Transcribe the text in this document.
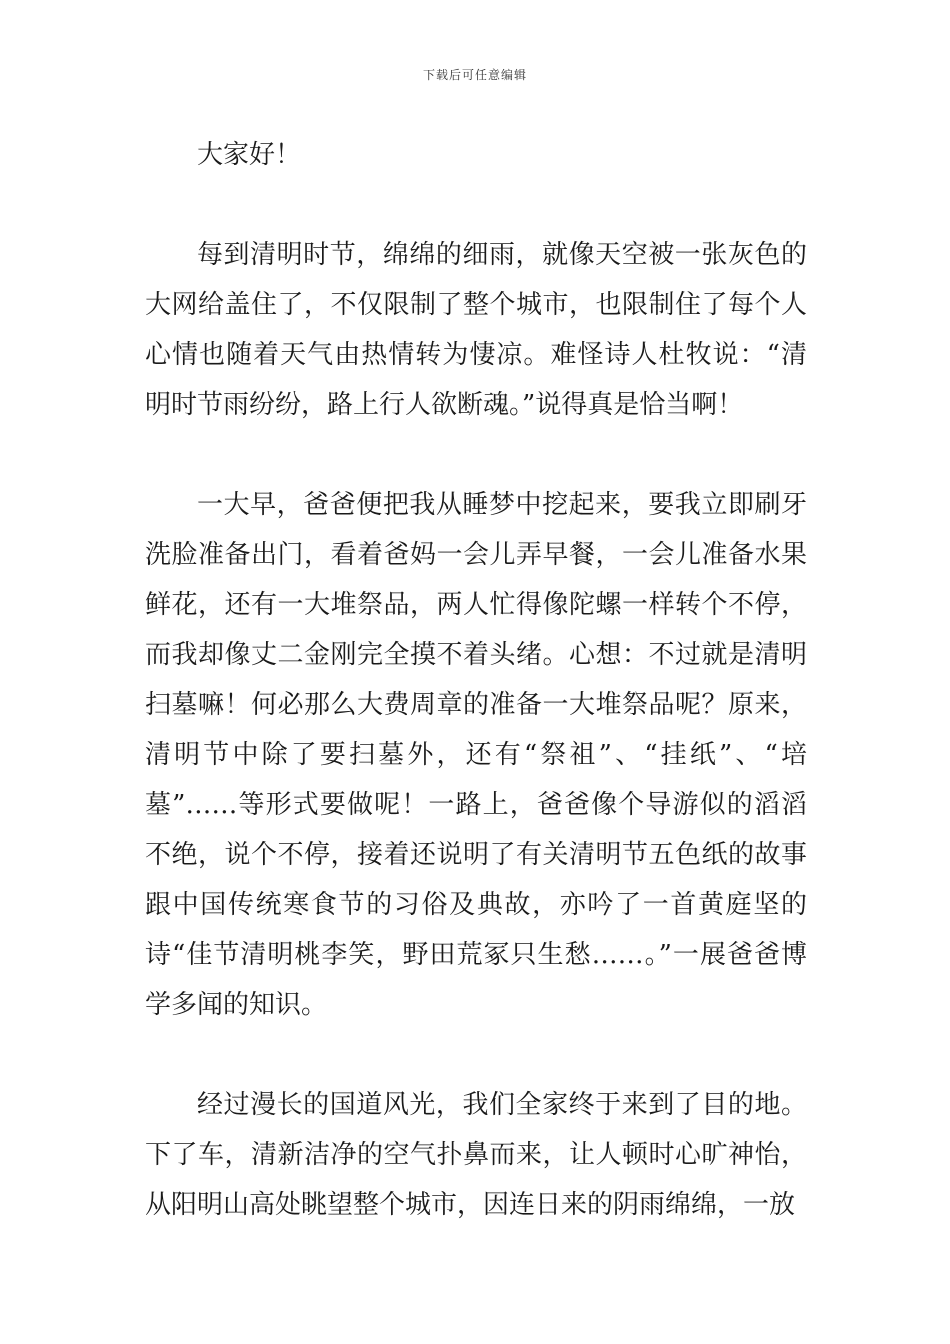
下载后可任意编辑

大家好！

每到清明时节，绵绵的细雨，就像天空被一张灰色的大网给盖住了，不仅限制了整个城市，也限制住了每个人心情也随着天气由热情转为悽凉。难怪诗人杜牧说：“清明时节雨纷纷，路上行人欲断魂。”说得真是恰当啊！

一大早，爸爸便把我从睡梦中挖起来，要我立即刷牙洗脸准备出门，看着爸妈一会儿弄早餐，一会儿准备水果鲜花，还有一大堆祭品，两人忙得像陀螺一样转个不停，而我却像丈二金刚完全摸不着头绪。心想：不过就是清明扫墓嘛！何必那么大费周章的准备一大堆祭品呢？原来，清明节中除了要扫墓外，还有“祭祖”、“挂纸”、“培墓”……等形式要做呢！一路上，爸爸像个导游似的滔滔不绝，说个不停，接着还说明了有关清明节五色纸的故事跟中国传统寒食节的习俗及典故，亦吟了一首黄庭坚的诗“佳节清明桃李笑，野田荒冢只生愁……。”一展爸爸博学多闻的知识。

经过漫长的国道风光，我们全家终于来到了目的地。下了车，清新洁净的空气扑鼻而来，让人顿时心旷神怡，从阳明山高处眺望整个城市，因连日来的阴雨绵绵，一放
